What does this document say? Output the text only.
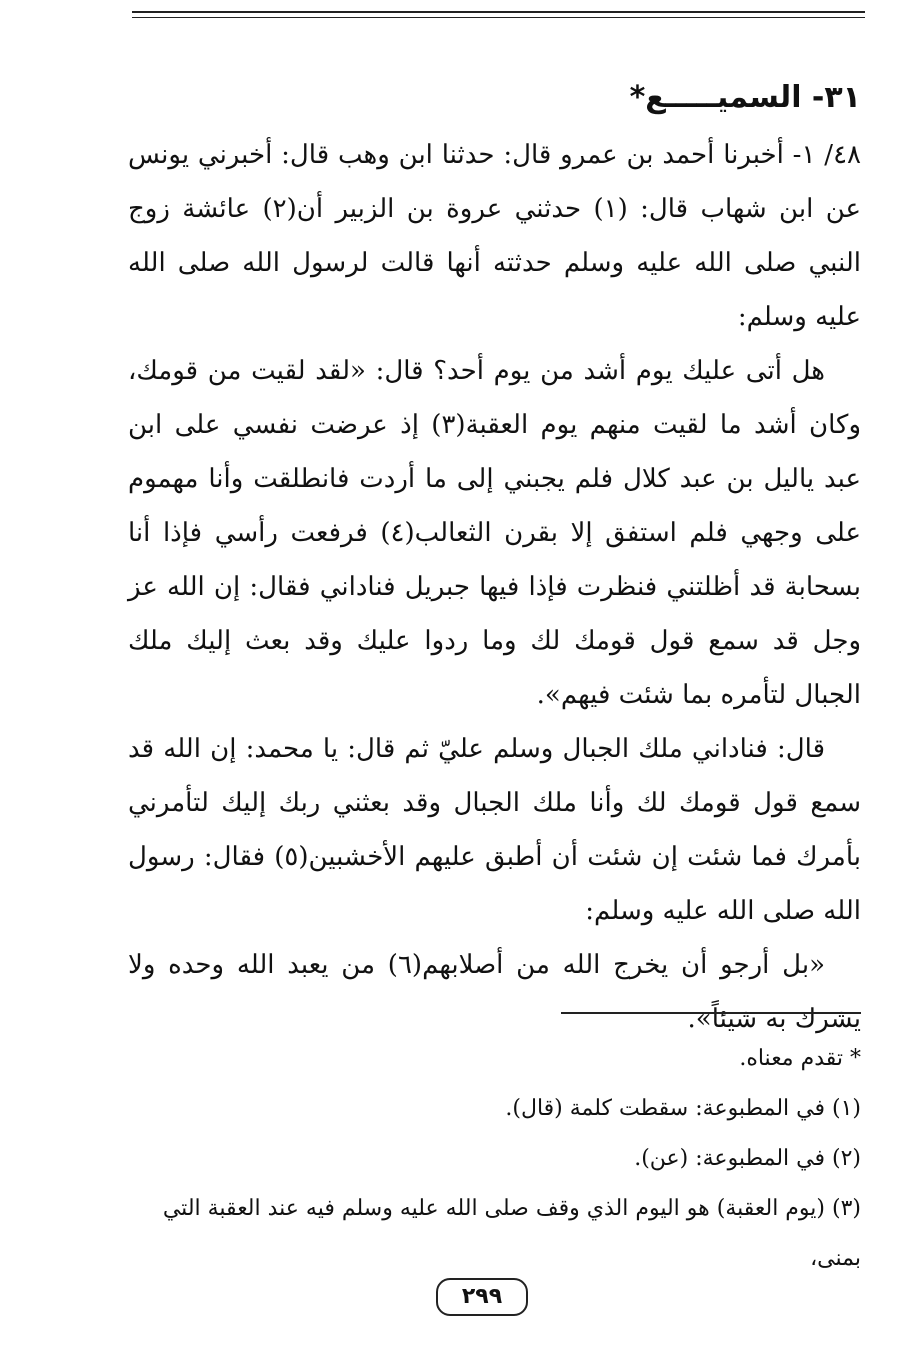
٣١- السميـــــع*

٤٨/ ١- أخبرنا أحمد بن عمرو قال: حدثنا ابن وهب قال: أخبرني يونس عن ابن شهاب قال: (١) حدثني عروة بن الزبير أن(٢) عائشة زوج النبي صلى الله عليه وسلم حدثته أنها قالت لرسول الله صلى الله عليه وسلم:

هل أتى عليك يوم أشد من يوم أحد؟ قال: «لقد لقيت من قومك، وكان أشد ما لقيت منهم يوم العقبة(٣) إذ عرضت نفسي على ابن عبد ياليل بن عبد كلال فلم يجبني إلى ما أردت فانطلقت وأنا مهموم على وجهي فلم استفق إلا بقرن الثعالب(٤) فرفعت رأسي فإذا أنا بسحابة قد أظلتني فنظرت فإذا فيها جبريل فناداني فقال: إن الله عز وجل قد سمع قول قومك لك وما ردوا عليك وقد بعث إليك ملك الجبال لتأمره بما شئت فيهم».

قال: فناداني ملك الجبال وسلم عليّ ثم قال: يا محمد: إن الله قد سمع قول قومك لك وأنا ملك الجبال وقد بعثني ربك إليك لتأمرني بأمرك فما شئت إن شئت أن أطبق عليهم الأخشبين(٥) فقال: رسول الله صلى الله عليه وسلم:

«بل أرجو أن يخرج الله من أصلابهم(٦) من يعبد الله وحده ولا يشرك به شيئاً».

* تقدم معناه.

(١) في المطبوعة: سقطت كلمة (قال).

(٢) في المطبوعة: (عن).

(٣) (يوم العقبة) هو اليوم الذي وقف صلى الله عليه وسلم فيه عند العقبة التي بمنى،

٢٩٩
